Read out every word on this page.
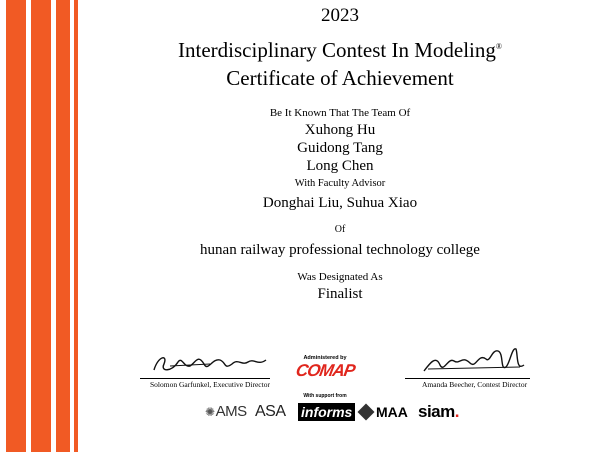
2023
Interdisciplinary Contest In Modeling®
Certificate of Achievement
Be It Known That The Team Of
Xuhong Hu
Guidong Tang
Long Chen
With Faculty Advisor
Donghai Liu, Suhua Xiao
Of
hunan railway professional technology college
Was Designated As
Finalist
Solomon Garfunkel, Executive Director
Administered by
COMAP
With support from
Amanda Beecher, Contest Director
✺AMS ASA informs	MAA siam.
